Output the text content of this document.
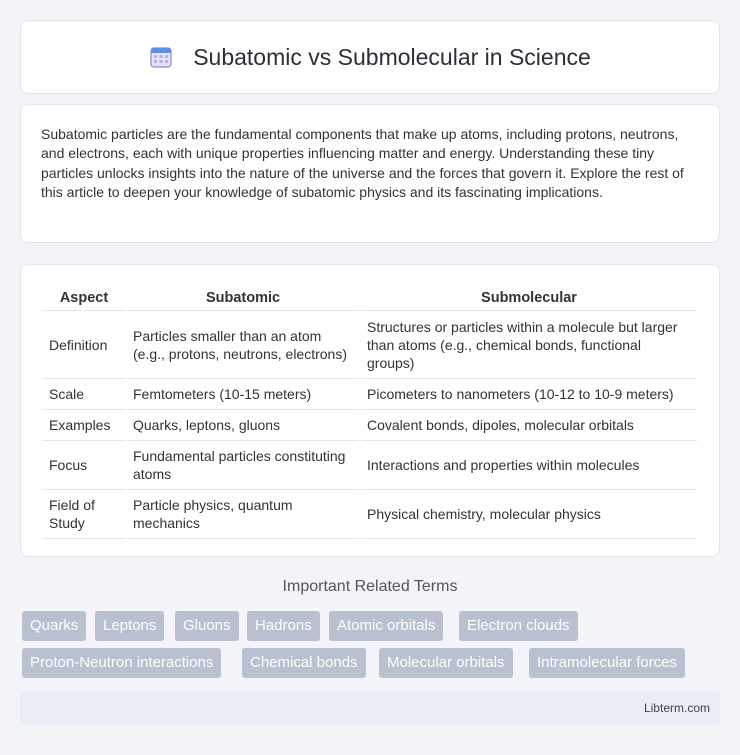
Subatomic vs Submolecular in Science

Subatomic particles are the fundamental components that make up atoms, including protons, neutrons, and electrons, each with unique properties influencing matter and energy. Understanding these tiny particles unlocks insights into the nature of the universe and the forces that govern it. Explore the rest of this article to deepen your knowledge of subatomic physics and its fascinating implications.

Aspect	Subatomic	Submolecular
Definition	Particles smaller than an atom (e.g., protons, neutrons, electrons)	Structures or particles within a molecule but larger than atoms (e.g., chemical bonds, functional groups)
Scale	Femtometers (10-15 meters)	Picometers to nanometers (10-12 to 10-9 meters)
Examples	Quarks, leptons, gluons	Covalent bonds, dipoles, molecular orbitals
Focus	Fundamental particles constituting atoms	Interactions and properties within molecules
Field of Study	Particle physics, quantum mechanics	Physical chemistry, molecular physics
Important Related Terms
Quarks	Leptons	Gluons	Hadrons	Atomic orbitals	Electron clouds
Proton-Neutron interactions	Chemical bonds	Molecular orbitals	Intramolecular forces
Libterm.com
